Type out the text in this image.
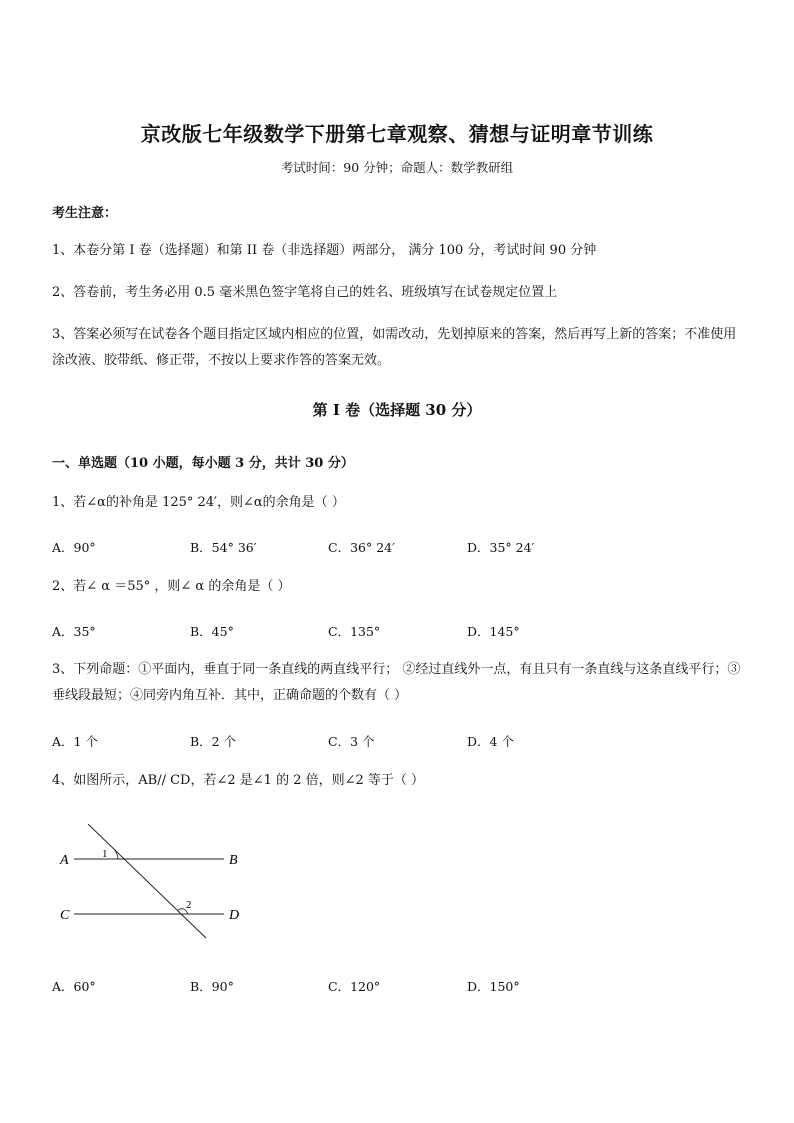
京改版七年级数学下册第七章观察、猜想与证明章节训练
考试时间：90 分钟；命题人：数学教研组
考生注意：
1、本卷分第 I 卷（选择题）和第 II 卷（非选择题）两部分， 满分 100 分，考试时间 90 分钟
2、答卷前，考生务必用 0.5 毫米黑色签字笔将自己的姓名、班级填写在试卷规定位置上
3、答案必须写在试卷各个题目指定区域内相应的位置，如需改动，先划掉原来的答案，然后再写上新的答案；不准使用涂改液、胶带纸、修正带，不按以上要求作答的答案无效。
第 I 卷（选择题 30 分）
一、单选题（10 小题，每小题 3 分，共计 30 分）
1、若∠α的补角是 125° 24′，则∠α的余角是（ ）
A．90°	B．54° 36′	C．36° 24′	D．35° 24′
2、若∠ α ＝55° ，则∠ α 的余角是（ ）
A．35°	B．45°	C．135°	D．145°
3、下列命题：①平面内，垂直于同一条直线的两直线平行； ②经过直线外一点，有且只有一条直线与这条直线平行；③垂线段最短；④同旁内角互补．其中，正确命题的个数有（ ）
A．1 个	B．2 个	C．3 个	D．4 个
4、如图所示，AB// CD，若∠2 是∠1 的 2 倍，则∠2 等于（ ）
A	B
C	D
1
2
A．60°	B．90°	C．120°	D．150°
